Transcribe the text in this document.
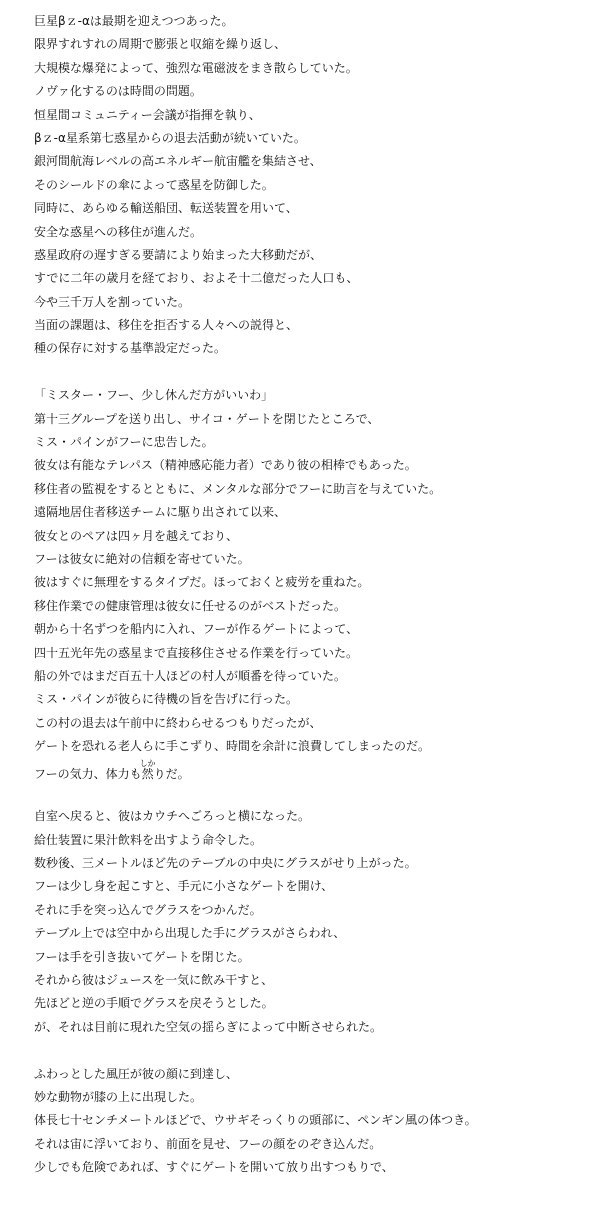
巨星βｚ-αは最期を迎えつつあった。
限界すれすれの周期で膨張と収縮を繰り返し、
大規模な爆発によって、強烈な電磁波をまき散らしていた。
ノヴァ化するのは時間の問題。
恒星間コミュニティー会議が指揮を執り、
βｚ-α星系第七惑星からの退去活動が続いていた。
銀河間航海レベルの高エネルギー航宙艦を集結させ、
そのシールドの傘によって惑星を防御した。
同時に、あらゆる輸送船団、転送装置を用いて、
安全な惑星への移住が進んだ。
惑星政府の遅すぎる要請により始まった大移動だが、
すでに二年の歳月を経ており、およそ十二億だった人口も、
今や三千万人を割っていた。
当面の課題は、移住を拒否する人々への説得と、
種の保存に対する基準設定だった。
「ミスター・フー、少し休んだ方がいいわ」
第十三グループを送り出し、サイコ・ゲートを閉じたところで、
ミス・パインがフーに忠告した。
彼女は有能なテレパス（精神感応能力者）であり彼の相棒でもあった。
移住者の監視をするとともに、メンタルな部分でフーに助言を与えていた。
遠隔地居住者移送チームに駆り出されて以来、
彼女とのペアは四ヶ月を越えており、
フーは彼女に絶対の信頼を寄せていた。
彼はすぐに無理をするタイプだ。ほっておくと疲労を重ねた。
移住作業での健康管理は彼女に任せるのがベストだった。
朝から十名ずつを船内に入れ、フーが作るゲートによって、
四十五光年先の惑星まで直接移住させる作業を行っていた。
船の外ではまだ百五十人ほどの村人が順番を待っていた。
ミス・パインが彼らに待機の旨を告げに行った。
この村の退去は午前中に終わらせるつもりだったが、
ゲートを恐れる老人らに手こずり、時間を余計に浪費してしまったのだ。
フーの気力、体力も然しかりだ。
自室へ戻ると、彼はカウチへごろっと横になった。
給仕装置に果汁飲料を出すよう命令した。
数秒後、三メートルほど先のテーブルの中央にグラスがせり上がった。
フーは少し身を起こすと、手元に小さなゲートを開け、
それに手を突っ込んでグラスをつかんだ。
テーブル上では空中から出現した手にグラスがさらわれ、
フーは手を引き抜いてゲートを閉じた。
それから彼はジュースを一気に飲み干すと、
先ほどと逆の手順でグラスを戻そうとした。
が、それは目前に現れた空気の揺らぎによって中断させられた。
ふわっとした風圧が彼の顔に到達し、
妙な動物が膝の上に出現した。
体長七十センチメートルほどで、ウサギそっくりの頭部に、ペンギン風の体つき。
それは宙に浮いており、前面を見せ、フーの顔をのぞき込んだ。
少しでも危険であれば、すぐにゲートを開いて放り出すつもりで、
